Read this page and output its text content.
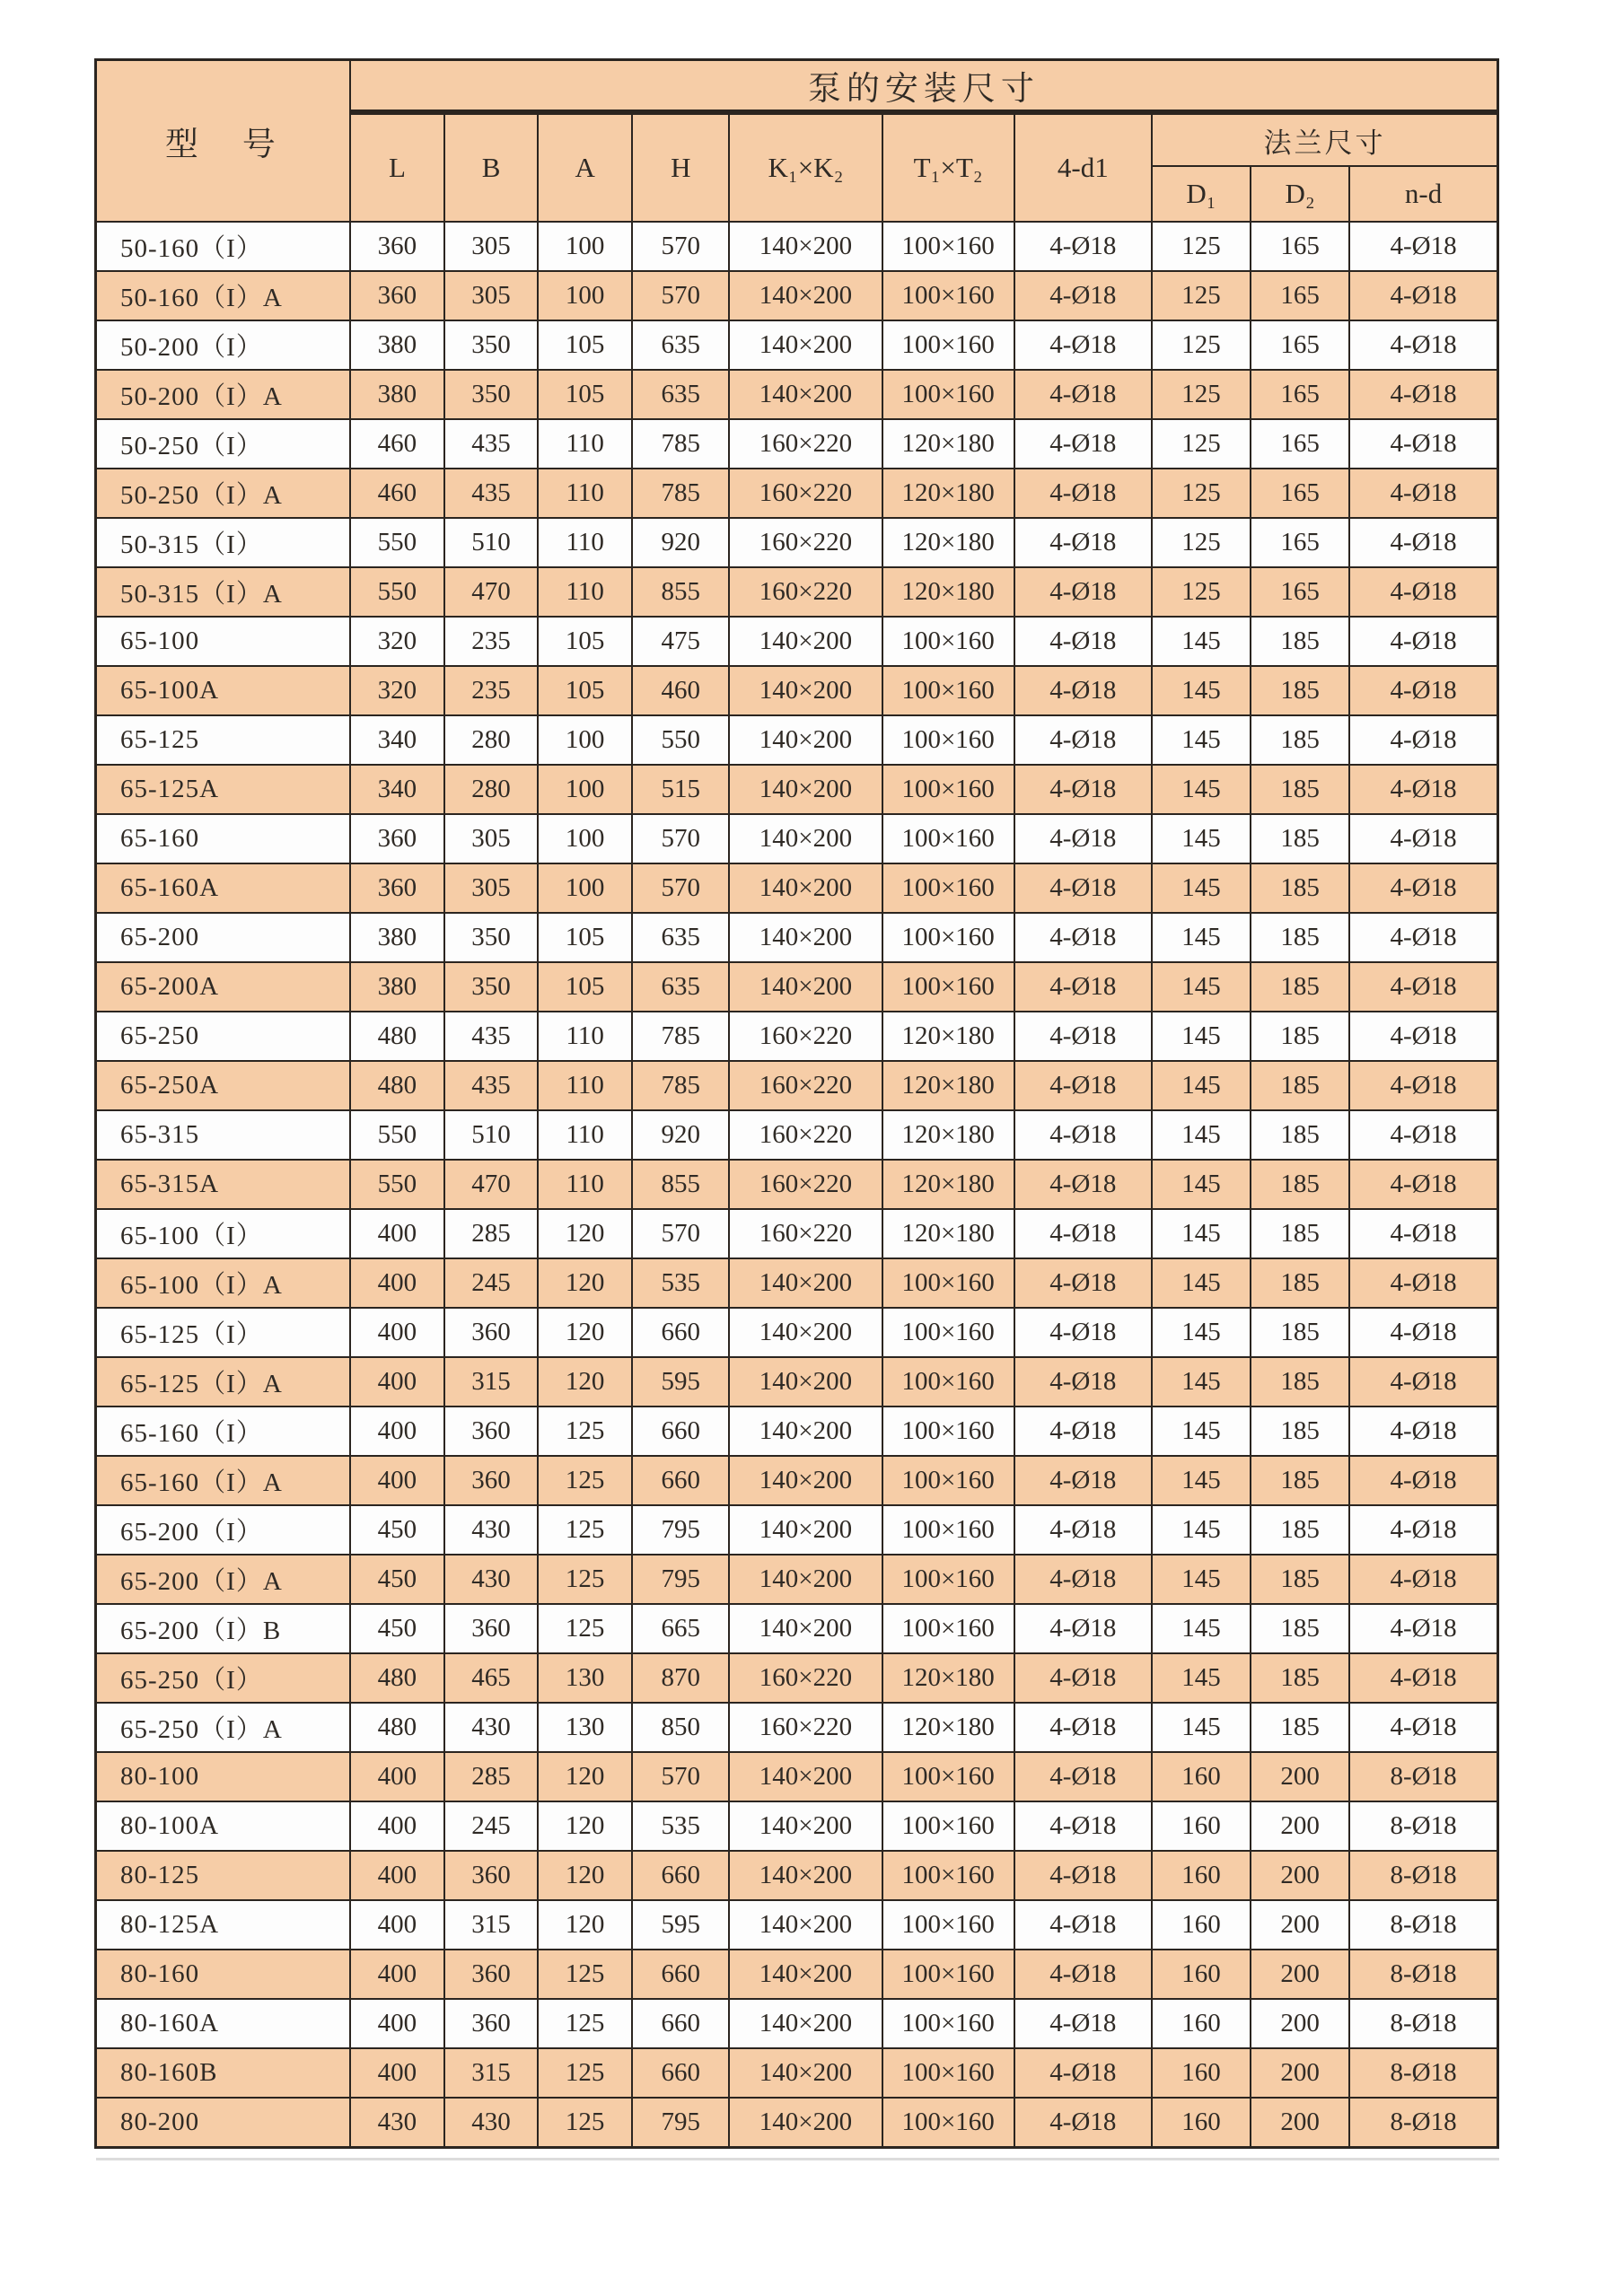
型　号	泵的安装尺寸									
	L	B	A	H	K₁×K₂	T₁×T₂	4-d1	法兰尺寸		
								D₁	D₂	n-d
50-160（I）	360	305	100	570	140×200	100×160	4-Ø18	125	165	4-Ø18
50-160（I）A	360	305	100	570	140×200	100×160	4-Ø18	125	165	4-Ø18
50-200（I）	380	350	105	635	140×200	100×160	4-Ø18	125	165	4-Ø18
50-200（I）A	380	350	105	635	140×200	100×160	4-Ø18	125	165	4-Ø18
50-250（I）	460	435	110	785	160×220	120×180	4-Ø18	125	165	4-Ø18
50-250（I）A	460	435	110	785	160×220	120×180	4-Ø18	125	165	4-Ø18
50-315（I）	550	510	110	920	160×220	120×180	4-Ø18	125	165	4-Ø18
50-315（I）A	550	470	110	855	160×220	120×180	4-Ø18	125	165	4-Ø18
65-100	320	235	105	475	140×200	100×160	4-Ø18	145	185	4-Ø18
65-100A	320	235	105	460	140×200	100×160	4-Ø18	145	185	4-Ø18
65-125	340	280	100	550	140×200	100×160	4-Ø18	145	185	4-Ø18
65-125A	340	280	100	515	140×200	100×160	4-Ø18	145	185	4-Ø18
65-160	360	305	100	570	140×200	100×160	4-Ø18	145	185	4-Ø18
65-160A	360	305	100	570	140×200	100×160	4-Ø18	145	185	4-Ø18
65-200	380	350	105	635	140×200	100×160	4-Ø18	145	185	4-Ø18
65-200A	380	350	105	635	140×200	100×160	4-Ø18	145	185	4-Ø18
65-250	480	435	110	785	160×220	120×180	4-Ø18	145	185	4-Ø18
65-250A	480	435	110	785	160×220	120×180	4-Ø18	145	185	4-Ø18
65-315	550	510	110	920	160×220	120×180	4-Ø18	145	185	4-Ø18
65-315A	550	470	110	855	160×220	120×180	4-Ø18	145	185	4-Ø18
65-100（I）	400	285	120	570	160×220	120×180	4-Ø18	145	185	4-Ø18
65-100（I）A	400	245	120	535	140×200	100×160	4-Ø18	145	185	4-Ø18
65-125（I）	400	360	120	660	140×200	100×160	4-Ø18	145	185	4-Ø18
65-125（I）A	400	315	120	595	140×200	100×160	4-Ø18	145	185	4-Ø18
65-160（I）	400	360	125	660	140×200	100×160	4-Ø18	145	185	4-Ø18
65-160（I）A	400	360	125	660	140×200	100×160	4-Ø18	145	185	4-Ø18
65-200（I）	450	430	125	795	140×200	100×160	4-Ø18	145	185	4-Ø18
65-200（I）A	450	430	125	795	140×200	100×160	4-Ø18	145	185	4-Ø18
65-200（I）B	450	360	125	665	140×200	100×160	4-Ø18	145	185	4-Ø18
65-250（I）	480	465	130	870	160×220	120×180	4-Ø18	145	185	4-Ø18
65-250（I）A	480	430	130	850	160×220	120×180	4-Ø18	145	185	4-Ø18
80-100	400	285	120	570	140×200	100×160	4-Ø18	160	200	8-Ø18
80-100A	400	245	120	535	140×200	100×160	4-Ø18	160	200	8-Ø18
80-125	400	360	120	660	140×200	100×160	4-Ø18	160	200	8-Ø18
80-125A	400	315	120	595	140×200	100×160	4-Ø18	160	200	8-Ø18
80-160	400	360	125	660	140×200	100×160	4-Ø18	160	200	8-Ø18
80-160A	400	360	125	660	140×200	100×160	4-Ø18	160	200	8-Ø18
80-160B	400	315	125	660	140×200	100×160	4-Ø18	160	200	8-Ø18
80-200	430	430	125	795	140×200	100×160	4-Ø18	160	200	8-Ø18
